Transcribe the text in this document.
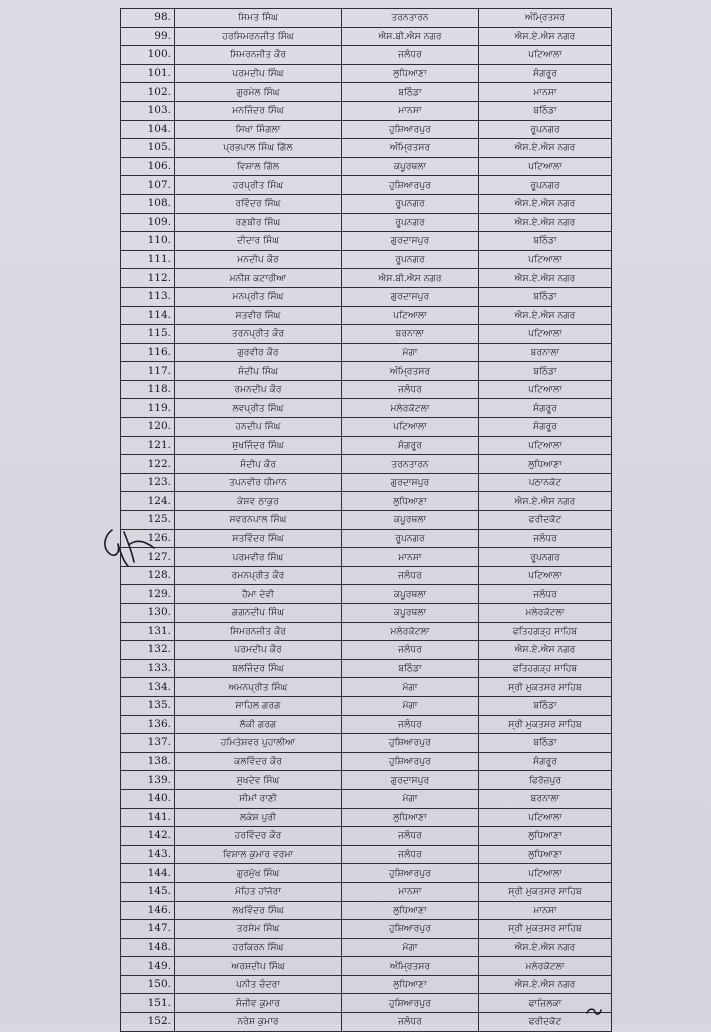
98.	ਸਿਮਤ ਸਿੰਘ	ਤਰਨਤਾਰਨ	ਅੰਮ੍ਰਿਤਸਰ
99.	ਹਰਸਿਮਰਨਜੀਤ ਸਿੰਘ	ਐਸ.ਬੀ.ਐਸ ਨਗਰ	ਐਸ.ਏ.ਐਸ ਨਗਰ
100.	ਸਿਮਰਨਜੀਤ ਕੌਰ	ਜਲੰਧਰ	ਪਟਿਆਲਾ
101.	ਪਰਮਦੀਪ ਸਿੰਘ	ਲੁਧਿਆਣਾ	ਸੰਗਰੂਰ
102.	ਗੁਰਮੇਲ ਸਿੰਘ	ਬਠਿੰਡਾ	ਮਾਨਸਾ
103.	ਮਨਜਿੰਦਰ ਸਿੰਘ	ਮਾਨਸਾ	ਬਠਿੰਡਾ
104.	ਸਿਖਾ ਸਿੰਗਲਾ	ਹੁਸ਼ਿਆਰਪੁਰ	ਰੂਪਨਗਰ
105.	ਪ੍ਰਭਪਾਲ ਸਿੰਘ ਗਿੱਲ	ਅੰਮ੍ਰਿਤਸਰ	ਐਸ.ਏ.ਐਸ ਨਗਰ
106.	ਵਿਸ਼ਾਲ ਗਿੱਲ	ਕਪੂਰਥਲਾ	ਪਟਿਆਲਾ
107.	ਹਰਪ੍ਰੀਤ ਸਿੰਘ	ਹੁਸ਼ਿਆਰਪੁਰ	ਰੂਪਨਗਰ
108.	ਰਵਿੰਦਰ ਸਿੰਘ	ਰੂਪਨਗਰ	ਐਸ.ਏ.ਐਸ ਨਗਰ
109.	ਰਣਬੀਰ ਸਿੰਘ	ਰੂਪਨਗਰ	ਐਸ.ਏ.ਐਸ ਨਗਰ
110.	ਦੀਦਾਰ ਸਿੰਘ	ਗੁਰਦਾਸਪੁਰ	ਬਠਿੰਡਾ
111.	ਮਨਦੀਪ ਕੌਰ	ਰੂਪਨਗਰ	ਪਟਿਆਲਾ
112.	ਮਨੀਸ਼ ਕਟਾਰੀਆ	ਐਸ.ਬੀ.ਐਸ ਨਗਰ	ਐਸ.ਏ.ਐਸ ਨਗਰ
113.	ਮਨਪ੍ਰੀਤ ਸਿੰਘ	ਗੁਰਦਾਸਪੁਰ	ਬਠਿੰਡਾ
114.	ਸਤਵੀਰ ਸਿੰਘ	ਪਟਿਆਲਾ	ਐਸ.ਏ.ਐਸ ਨਗਰ
115.	ਤਰਨਪ੍ਰੀਤ ਕੌਰ	ਬਰਨਾਲਾ	ਪਟਿਆਲਾ
116.	ਗੁਰਵੀਰ ਕੌਰ	ਮੋਗਾ	ਬਰਨਾਲਾ
117.	ਸੰਦੀਪ ਸਿੰਘ	ਅੰਮ੍ਰਿਤਸਰ	ਬਠਿੰਡਾ
118.	ਰਮਨਦੀਪ ਕੌਰ	ਜਲੰਧਰ	ਪਟਿਆਲਾ
119.	ਲਵਪ੍ਰੀਤ ਸਿੰਘ	ਮਲੇਰਕੋਟਲਾ	ਸੰਗਰੂਰ
120.	ਹਨਦੀਪ ਸਿੰਘ	ਪਟਿਆਲਾ	ਸੰਗਰੂਰ
121.	ਸੁਖਜਿੰਦਰ ਸਿੰਘ	ਸੰਗਰੂਰ	ਪਟਿਆਲਾ
122.	ਸੰਦੀਪ ਕੌਰ	ਤਰਨਤਾਰਨ	ਲੁਧਿਆਣਾ
123.	ਤਪਨਵੀਰ ਧੀਮਾਨ	ਗੁਰਦਾਸਪੁਰ	ਪਠਾਨਕੋਟ
124.	ਕੇਸ਼ਵ ਠਾਕੁਰ	ਲੁਧਿਆਣਾ	ਐਸ.ਏ.ਐਸ ਨਗਰ
125.	ਸਵਰਨਪਾਲ ਸਿੰਘ	ਕਪੂਰਥਲਾ	ਫਰੀਦਕੋਟ
126.	ਸਤਵਿੰਦਰ ਸਿੰਘ	ਰੂਪਨਗਰ	ਜਲੰਧਰ
127.	ਪਰਮਵੀਰ ਸਿੰਘ	ਮਾਨਸਾ	ਰੂਪਨਗਰ
128.	ਰਮਨਪ੍ਰੀਤ ਕੌਰ	ਜਲੰਧਰ	ਪਟਿਆਲਾ
129.	ਹੈਮਾ ਦੇਵੀ	ਕਪੂਰਥਲਾ	ਜਲੰਧਰ
130.	ਗਗਨਦੀਪ ਸਿੰਘ	ਕਪੂਰਥਲਾ	ਮਲੇਰਕੋਟਲਾ
131.	ਸਿਮਰਨਜੀਤ ਕੌਰ	ਮਲੇਰਕੋਟਲਾ	ਫਤਿਹਗੜ੍ਹ ਸਾਹਿਬ
132.	ਪਰਮਦੀਪ ਕੌਰ	ਜਲੰਧਰ	ਐਸ.ਏ.ਐਸ ਨਗਰ
133.	ਬਲਜਿੰਦਰ ਸਿੰਘ	ਬਠਿੰਡਾ	ਫਤਿਹਗੜ੍ਹ ਸਾਹਿਬ
134.	ਅਮਨਪ੍ਰੀਤ ਸਿੰਘ	ਮੋਗਾ	ਸ੍ਰੀ ਮੁਕਤਸਰ ਸਾਹਿਬ
135.	ਸਾਹਿਲ ਗਰਗ	ਮੋਗਾ	ਬਠਿੰਡਾ
136.	ਲੱਕੀ ਗਰਗ	ਜਲੰਧਰ	ਸ੍ਰੀ ਮੁਕਤਸਰ ਸਾਹਿਬ
137.	ਹਮਿਤੇਸ਼ਵਰ ਪੁਹਾਲੀਆ	ਹੁਸ਼ਿਆਰਪੁਰ	ਬਠਿੰਡਾ
138.	ਕਲਵਿੰਦਰ ਕੌਰ	ਹੁਸ਼ਿਆਰਪੁਰ	ਸੰਗਰੂਰ
139.	ਸੁਖਦੇਵ ਸਿੰਘ	ਗੁਰਦਾਸਪੁਰ	ਫਿਰੋਜ਼ਪੁਰ
140.	ਸੀਮਾਂ ਰਾਣੀ	ਮੋਗਾ	ਬਰਨਾਲਾ
141.	ਲਕੇਸ਼ ਪੁਰੀ	ਲੁਧਿਆਣਾ	ਪਟਿਆਲਾ
142.	ਹਰਵਿੰਦਰ ਕੌਰ	ਜਲੰਧਰ	ਲੁਧਿਆਣਾ
143.	ਵਿਸ਼ਾਲ ਕੁਮਾਰ ਵਰਮਾ	ਜਲੰਧਰ	ਲੁਧਿਆਣਾ
144.	ਗੁਰਮੁੱਖ ਸਿੰਘ	ਹੁਸ਼ਿਆਰਪੁਰ	ਪਟਿਆਲਾ
145.	ਮੋਹਿਤ ਹਾਂਜੋਰਾ	ਮਾਨਸਾ	ਸ੍ਰੀ ਮੁਕਤਸਰ ਸਾਹਿਬ
146.	ਲਖਵਿੰਦਰ ਸਿੰਘ	ਲੁਧਿਆਣਾ	ਮਾਨਸਾ
147.	ਤਰਸੇਮ ਸਿੰਘ	ਹੁਸ਼ਿਆਰਪੁਰ	ਸ੍ਰੀ ਮੁਕਤਸਰ ਸਾਹਿਬ
148.	ਹਰਕਿਰਨ ਸਿੰਘ	ਮੋਗਾ	ਐਸ.ਏ.ਐਸ ਨਗਰ
149.	ਅਰਸ਼ਦੀਪ ਸਿੰਘ	ਅੰਮ੍ਰਿਤਸਰ	ਮਲੇਰਕੋਟਲਾ
150.	ਪਨੀਤ ਚੰਦਰਾ	ਲੁਧਿਆਣਾ	ਐਸ.ਏ.ਐਸ ਨਗਰ
151.	ਸੰਜੀਵ ਕੁਮਾਰ	ਹੁਸ਼ਿਆਰਪੁਰ	ਫਾਜ਼ਿਲਕਾ
152.	ਨਰੇਸ਼ ਕੁਮਾਰ	ਜਲੰਧਰ	ਫਰੀਦਕੋਟ
